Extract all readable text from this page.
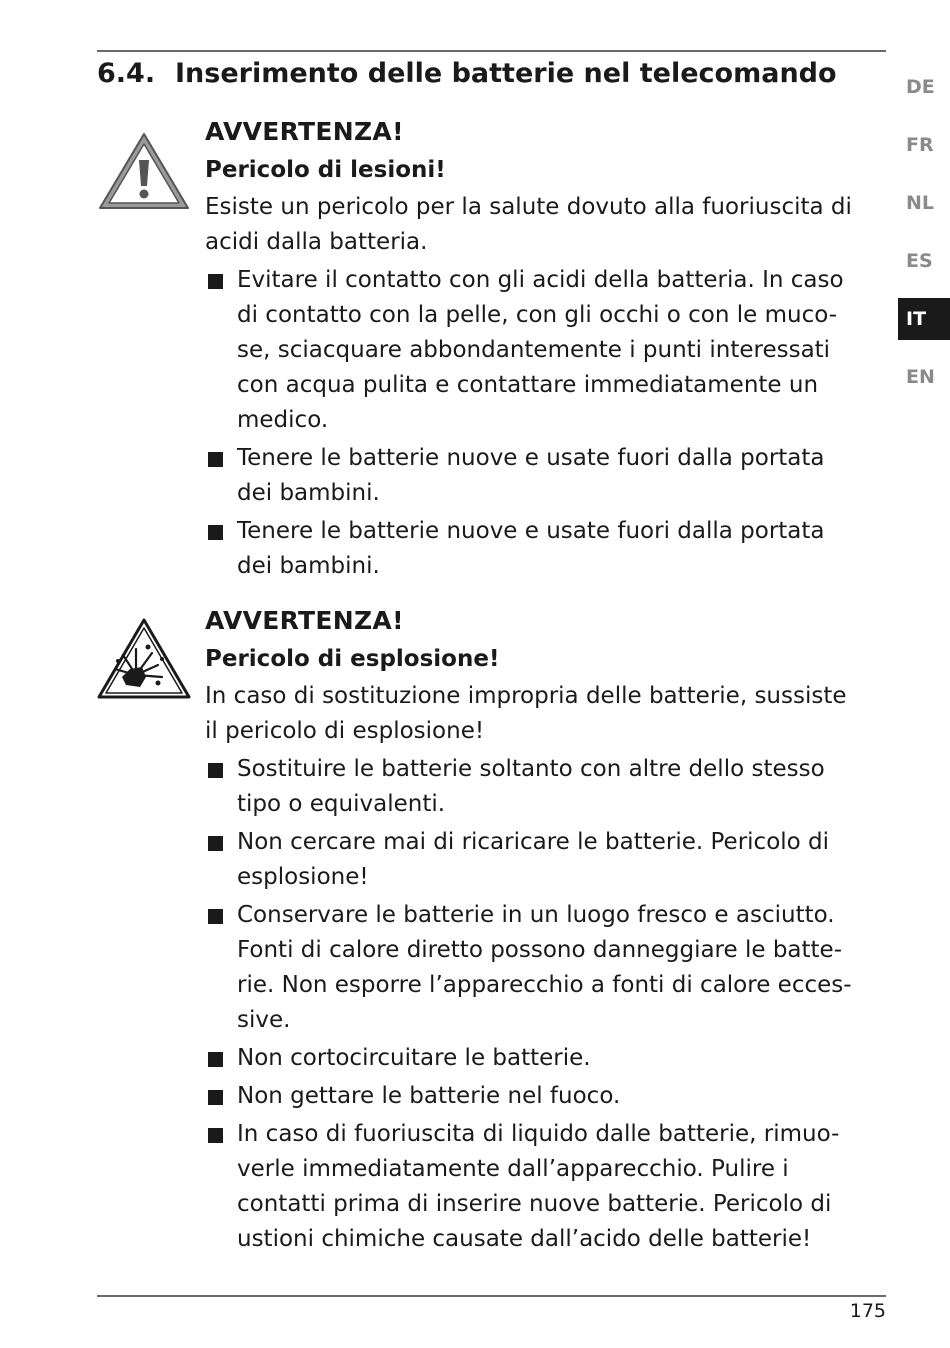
6.4. Inserimento delle batterie nel telecomando	DE
FR
NL
ES
IT
EN
AVVERTENZA!
Pericolo di lesioni!
Esiste un pericolo per la salute dovuto alla fuoriuscita di
acidi dalla batteria.
Evitare il contatto con gli acidi della batteria. In caso
di contatto con la pelle, con gli occhi o con le muco-
se, sciacquare abbondantemente i punti interessati
con acqua pulita e contattare immediatamente un
medico.
Tenere le batterie nuove e usate fuori dalla portata
dei bambini.
Tenere le batterie nuove e usate fuori dalla portata
dei bambini.
AVVERTENZA!
Pericolo di esplosione!
In caso di sostituzione impropria delle batterie, sussiste
il pericolo di esplosione!
Sostituire le batterie soltanto con altre dello stesso
tipo o equivalenti.
Non cercare mai di ricaricare le batterie. Pericolo di
esplosione!
Conservare le batterie in un luogo fresco e asciutto.
Fonti di calore diretto possono danneggiare le batte-
rie. Non esporre l’apparecchio a fonti di calore ecces-
sive.
Non cortocircuitare le batterie.
Non gettare le batterie nel fuoco.
In caso di fuoriuscita di liquido dalle batterie, rimuo-
verle immediatamente dall’apparecchio. Pulire i
contatti prima di inserire nuove batterie. Pericolo di
ustioni chimiche causate dall’acido delle batterie!
175
